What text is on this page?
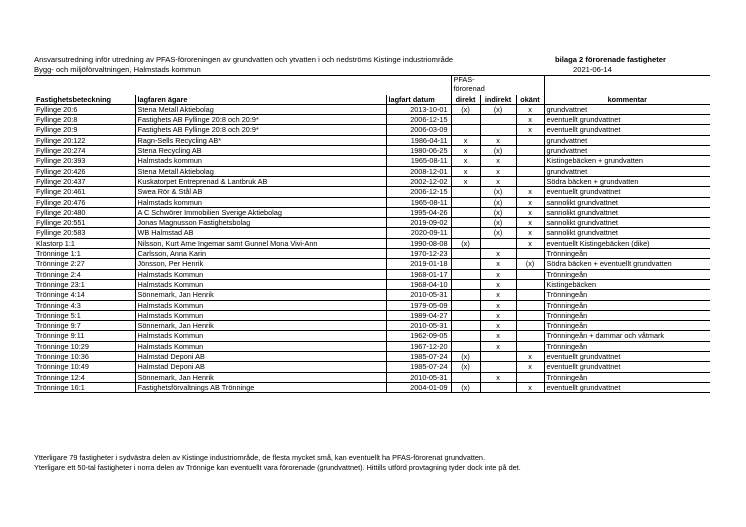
Ansvarsutredning inför utredning av PFAS-föroreningen av grundvatten och ytvatten i och nedströms Kistinge industriområde
Bygg- och miljöförvaltningen, Halmstads kommun
bilaga 2 förorenade fastigheter
2021-06-14

			PFAS-förorenad			

Fastighetsbeteckning	lagfaren ägare	lagfart datum	direkt	indirekt	okänt	kommentar
Fyllinge 20:6	Stena Metall Aktiebolag	2013-10-01	(x)	(x)	x	grundvattnet
Fyllinge 20:8	Fastighets AB Fyllinge 20:8 och 20:9*	2006-12-15			x	eventuellt grundvattnet
Fyllinge 20:9	Fastighets AB Fyllinge 20:8 och 20:9*	2006-03-09			x	eventuellt grundvattnet
Fyllinge 20:122	Ragn-Sells Recycling AB*	1986-04-11	x	x		grundvattnet
Fyllinge 20:274	Stena Recycling AB	1980-06-25	x	(x)		grundvattnet
Fyllinge 20:393	Halmstads kommun	1965-08-11	x	x		Kistingebäcken + grundvatten
Fyllinge 20:426	Stena Metall Aktiebolag	2008-12-01	x	x		grundvattnet
Fyllinge 20:437	Kuskatorpet Entreprenad & Lantbruk AB	2002-12-02	x	x		Södra bäcken + grundvatten
Fyllinge 20:461	Swea Rör & Stål AB	2006-12-15		(x)	x	eventuellt grundvattnet
Fyllinge 20:476	Halmstads kommun	1965-08-11		(x)	x	sannolikt grundvattnet
Fyllinge 20:480	A C Schwörer Immobilien Sverige Aktiebolag	1995-04-26		(x)	x	sannolikt grundvattnet
Fyllinge 20:551	Jonas Magnusson Fastighetsbolag	2019-09-02		(x)	x	sannolikt grundvattnet
Fyllinge 20:583	WB Halmstad AB	2020-09-11		(x)	x	sannolikt grundvattnet
Klastorp 1:1	Nilsson, Kurt Arne Ingemar samt Gunnel Mona Vivi-Ann	1990-08-08	(x)		x	eventuellt Kistingebäcken (dike)
Trönninge 1:1	Carlsson, Anna Karin	1970-12-23		x		Trönningeån
Trönninge 2:27	Jönsson, Per Henrik	2019-01-18		x	(x)	Södra bäcken + eventuellt grundvatten
Trönninge 2:4	Halmstads Kommun	1968-01-17		x		Trönningeån
Trönninge 23:1	Halmstads Kommun	1968-04-10		x		Kistingebäcken
Trönninge 4:14	Sönnemark, Jan Henrik	2010-05-31		x		Trönningeån
Trönninge 4:3	Halmstads Kommun	1979-05-09		x		Trönningeån
Trönninge 5:1	Halmstads Kommun	1989-04-27		x		Trönningeån
Trönninge 9:7	Sönnemark, Jan Henrik	2010-05-31		x		Trönningeån
Trönninge 9:11	Halmstads Kommun	1962-09-05		x		Trönningeån + dammar och våtmark
Trönninge 10:29	Halmstads Kommun	1967-12-20		x		Trönningeån
Trönninge 10:36	Halmstad Deponi AB	1985-07-24	(x)		x	eventuellt grundvattnet
Trönninge 10:49	Halmstad Deponi AB	1985-07-24	(x)		x	eventuellt grundvattnet
Trönninge 12:4	Sönnemark, Jan Henrik	2010-05-31		x		Trönningeån
Trönninge 16:1	Fastighetsförvaltnings AB Trönninge	2004-01-09	(x)		x	eventuellt grundvattnet
Ytterligare 79 fastigheter i sydvästra delen av Kistinge industriområde, de flesta mycket små, kan eventuellt ha PFAS-förorenat grundvatten.
Yterligare ett 50-tal fastigheter i norra delen av Trönnige kan eventuellt vara förorenade (grundvattnet). Hittills utförd provtagning tyder dock inte på det.
